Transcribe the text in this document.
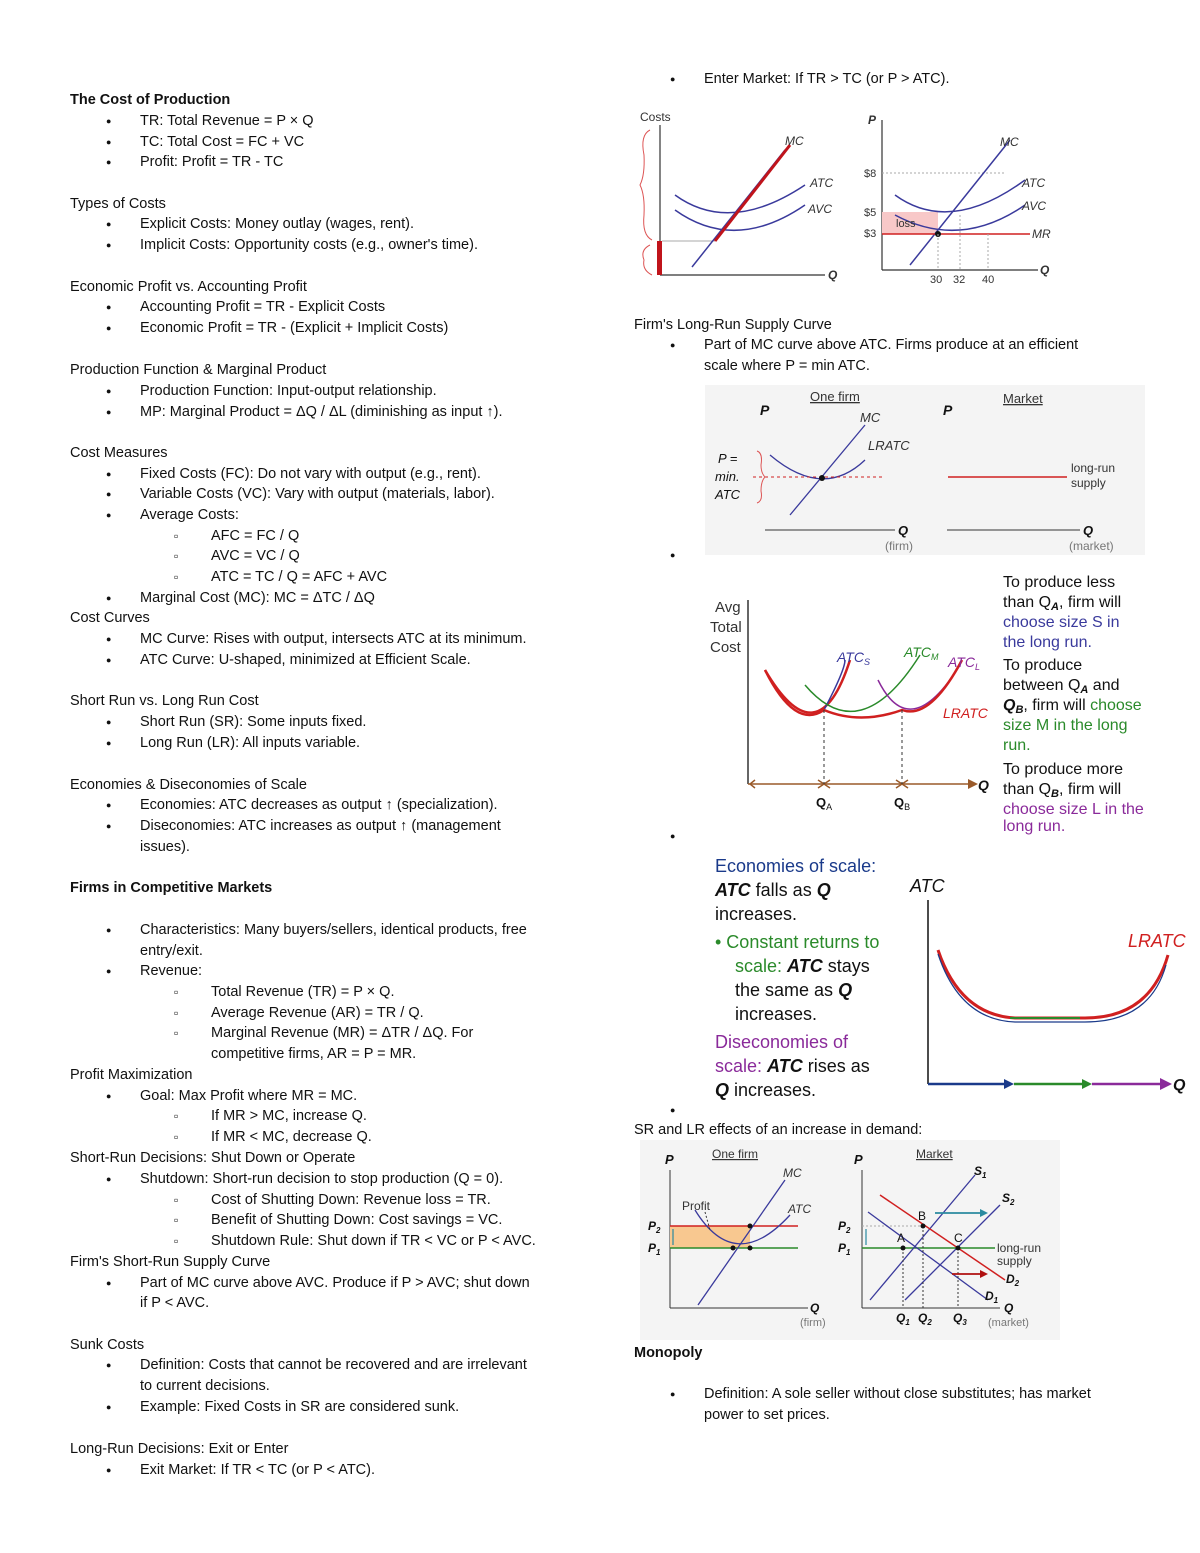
The Cost of Production
● TR: Total Revenue = P × Q
● TC: Total Cost = FC + VC
● Profit: Profit = TR - TC
Types of Costs
● Explicit Costs: Money outlay (wages, rent).
● Implicit Costs: Opportunity costs (e.g., owner's time).
Economic Profit vs. Accounting Profit
● Accounting Profit = TR - Explicit Costs
● Economic Profit = TR - (Explicit + Implicit Costs)
Production Function & Marginal Product
● Production Function: Input-output relationship.
● MP: Marginal Product = ΔQ / ΔL (diminishing as input ↑).
Cost Measures
● Fixed Costs (FC): Do not vary with output (e.g., rent).
● Variable Costs (VC): Vary with output (materials, labor).
● Average Costs:
▫ AFC = FC / Q
▫ AVC = VC / Q
▫ ATC = TC / Q = AFC + AVC
● Marginal Cost (MC): MC = ΔTC / ΔQ
Cost Curves
● MC Curve: Rises with output, intersects ATC at its minimum.
● ATC Curve: U-shaped, minimized at Efficient Scale.
Short Run vs. Long Run Cost
● Short Run (SR): Some inputs fixed.
● Long Run (LR): All inputs variable.
Economies & Diseconomies of Scale
● Economies: ATC decreases as output ↑ (specialization).
● Diseconomies: ATC increases as output ↑ (management
issues).
Firms in Competitive Markets
● Characteristics: Many buyers/sellers, identical products, free
entry/exit.
● Revenue:
▫ Total Revenue (TR) = P × Q.
▫ Average Revenue (AR) = TR / Q.
▫ Marginal Revenue (MR) = ΔTR / ΔQ. For
competitive firms, AR = P = MR.
Profit Maximization
● Goal: Max Profit where MR = MC.
▫ If MR > MC, increase Q.
▫ If MR < MC, decrease Q.
Short-Run Decisions: Shut Down or Operate
● Shutdown: Short-run decision to stop production (Q = 0).
▫ Cost of Shutting Down: Revenue loss = TR.
▫ Benefit of Shutting Down: Cost savings = VC.
▫ Shutdown Rule: Shut down if TR < VC or P < AVC.
Firm's Short-Run Supply Curve
● Part of MC curve above AVC. Produce if P > AVC; shut down
if P < AVC.
Sunk Costs
● Definition: Costs that cannot be recovered and are irrelevant
to current decisions.
● Example: Fixed Costs in SR are considered sunk.
Long-Run Decisions: Exit or Enter
● Exit Market: If TR < TC (or P < ATC).
● Enter Market: If TR > TC (or P > ATC).
Firm's Long-Run Supply Curve
● Part of MC curve above ATC. Firms produce at an efficient
scale where P = min ATC.
●
●
●
SR and LR effects of an increase in demand:
Monopoly
● Definition: A sole seller without close substitutes; has market
power to set prices.
Costs
MC
ATC
AVC
Q
P
$8
$5
$3
loss
MC
ATC
AVC
MR
Q
30 32 40
One firm	Market
P	P
MC
LRATC
P =
min.
ATC
long-run
supply
Q
(firm)
Q
(market)
Avg
Total
Cost
$ATC_S$
$ATC_M$ $ATC_L$
LRATC
Q
$Q_A$	$Q_B$
To produce less
than QA, firm will
choose size S in
the long run.
To produce
between QA and
QB, firm will choose
size M in the long
run.
To produce more
than QB, firm will
choose size L in the
long run.
Economies of scale:
ATC falls as Q
increases.
• Constant returns to
scale: ATC stays
the same as Q
increases.
Diseconomies of
scale: ATC rises as
Q increases.
ATC
LRATC
Q
One firm
P
Profit
MC
ATC
$P_2$
$P_1$
Q
(firm)
Market
P
B
A	C
$S_1$
$S_2$
long-run
supply
$D_2$
$D_1$
$P_2$
$P_1$
$Q_1$ $Q_2$ $Q_3$
Q
(market)
